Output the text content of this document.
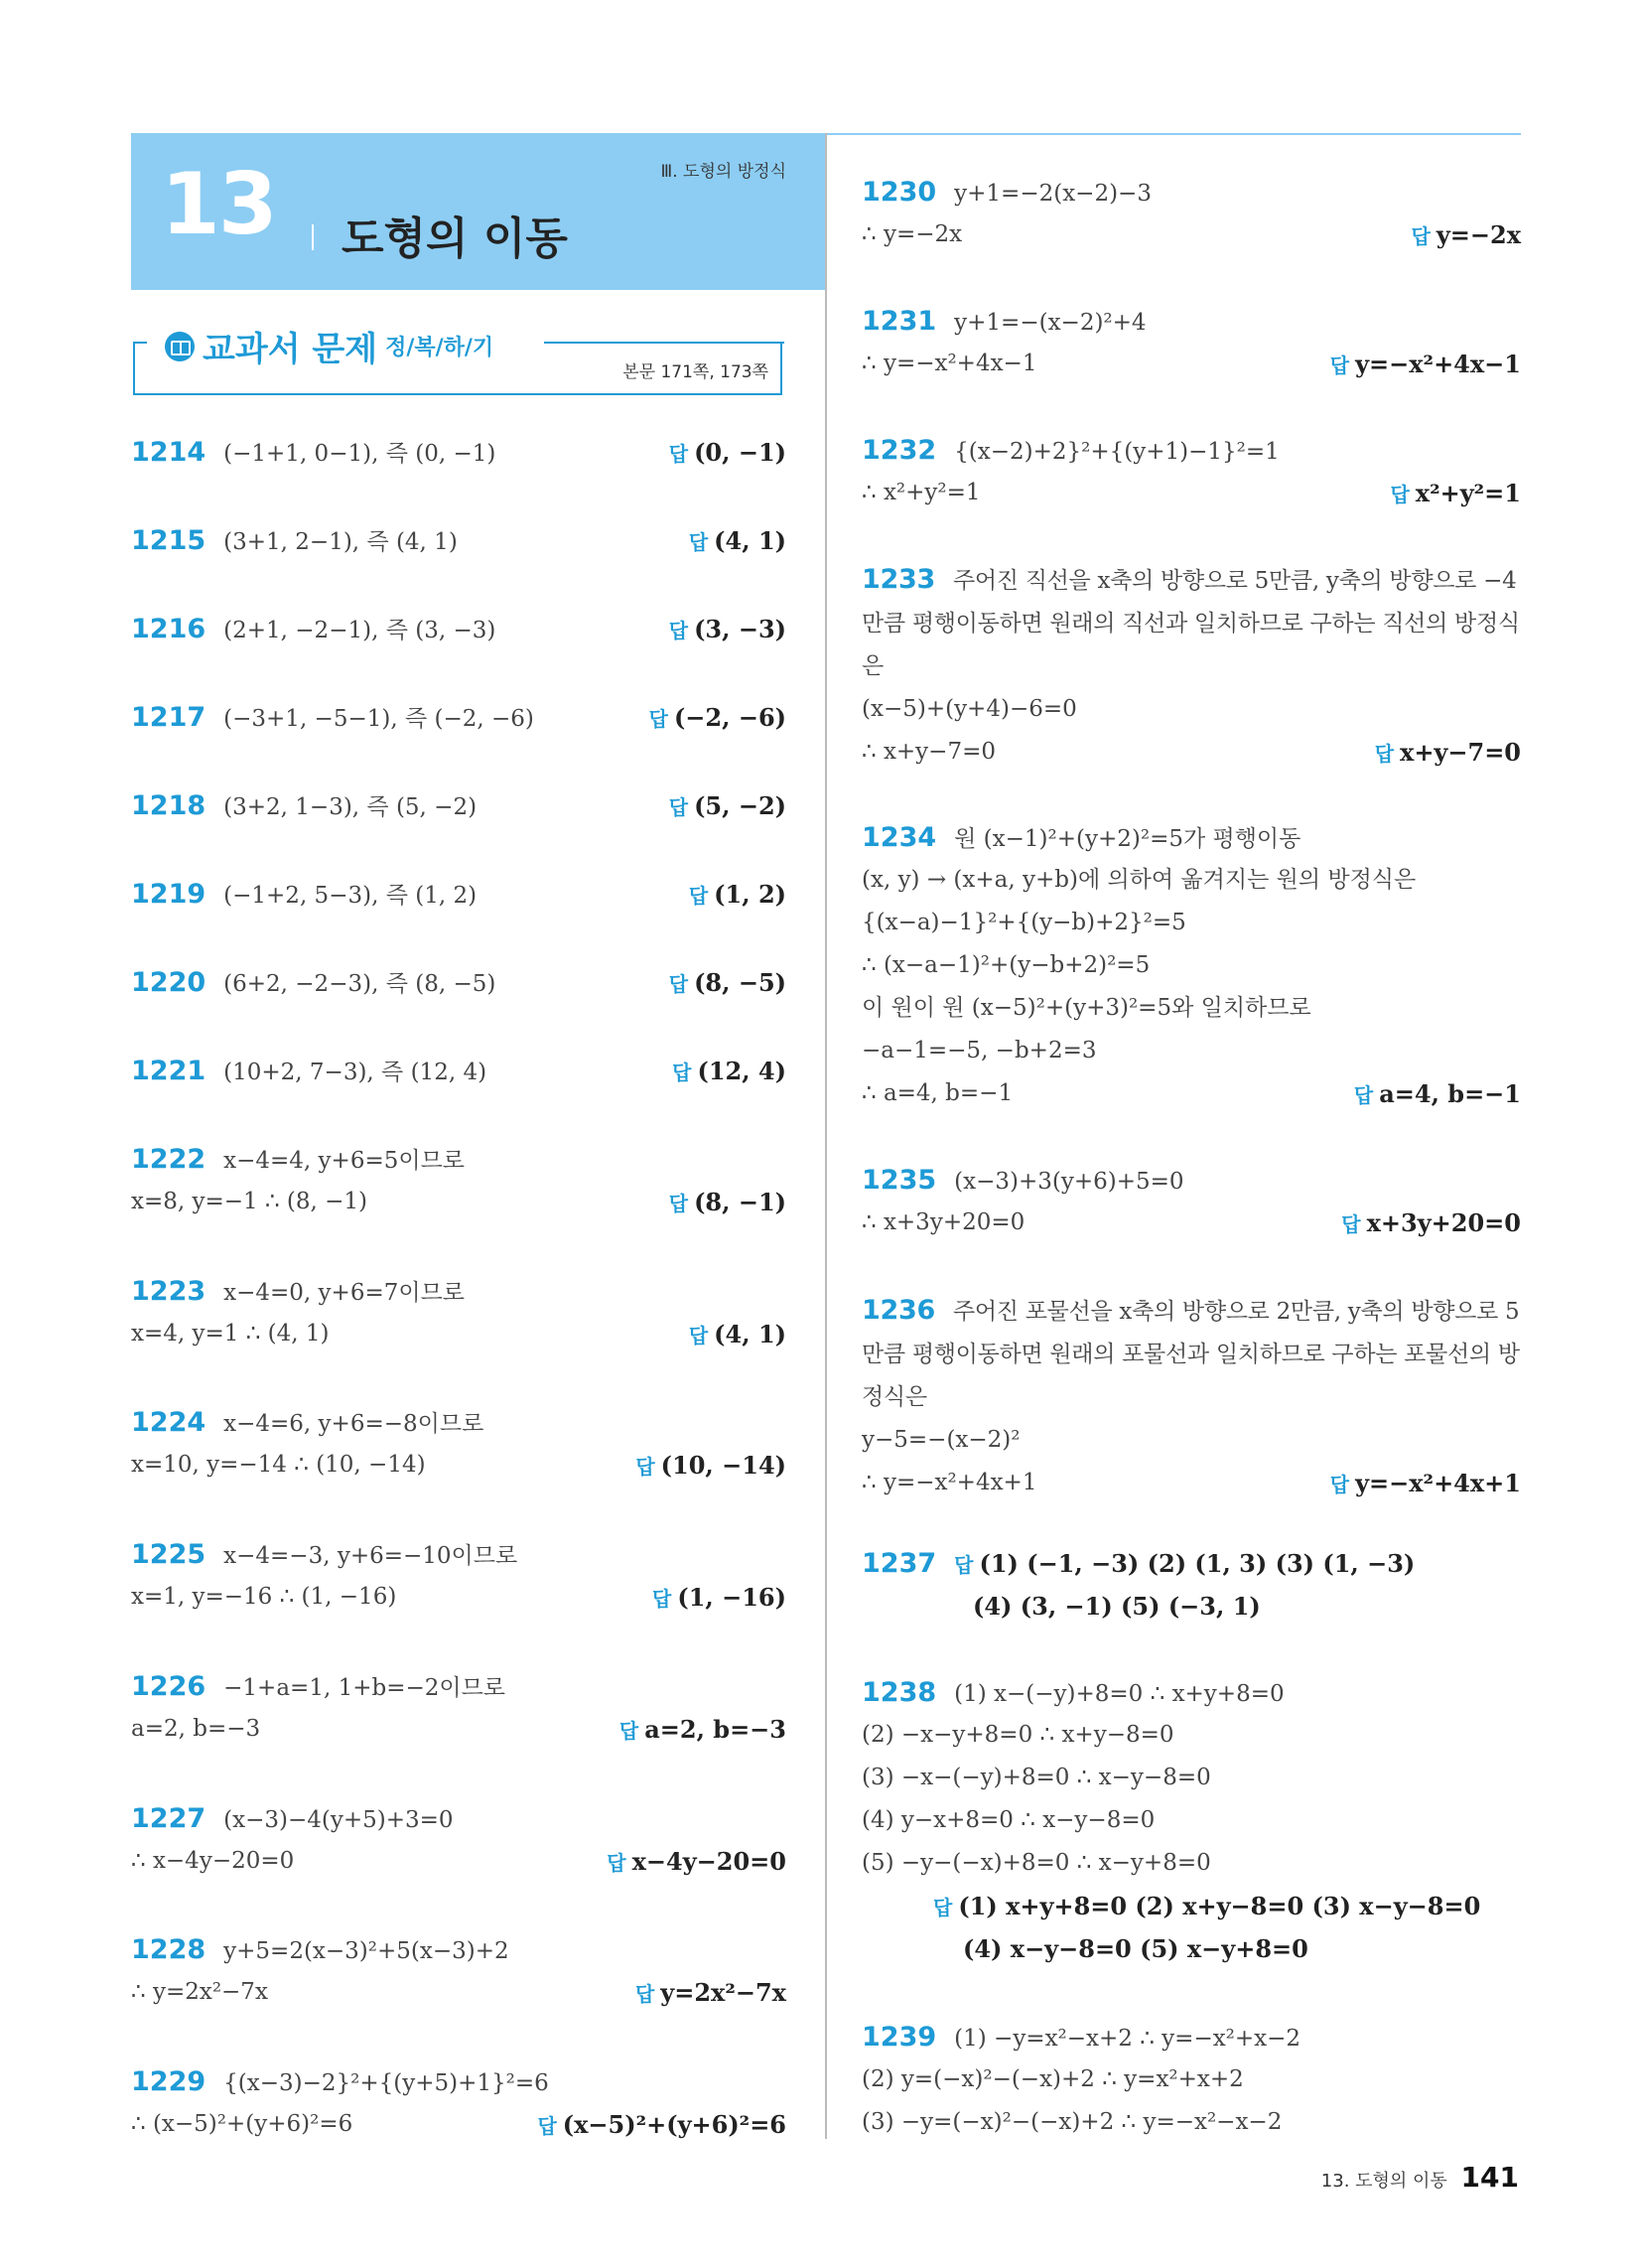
13 도형의 이동
Ⅲ. 도형의 방정식
교과서 문제 정/복/하/기
본문 171쪽, 173쪽
1214 (−1+1, 0−1), 즉 (0, −1)	답 (0, −1)
1215 (3+1, 2−1), 즉 (4, 1)	답 (4, 1)
1216 (2+1, −2−1), 즉 (3, −3)	답 (3, −3)
1217 (−3+1, −5−1), 즉 (−2, −6)	답 (−2, −6)
1218 (3+2, 1−3), 즉 (5, −2)	답 (5, −2)
1219 (−1+2, 5−3), 즉 (1, 2)	답 (1, 2)
1220 (6+2, −2−3), 즉 (8, −5)	답 (8, −5)
1221 (10+2, 7−3), 즉 (12, 4)	답 (12, 4)
1222 x−4=4, y+6=5이므로
x=8, y=−1 ∴ (8, −1)	답 (8, −1)
1223 x−4=0, y+6=7이므로
x=4, y=1 ∴ (4, 1)	답 (4, 1)
1224 x−4=6, y+6=−8이므로
x=10, y=−14 ∴ (10, −14)	답 (10, −14)
1225 x−4=−3, y+6=−10이므로
x=1, y=−16 ∴ (1, −16)	답 (1, −16)
1226 −1+a=1, 1+b=−2이므로
a=2, b=−3	답 a=2, b=−3
1227 (x−3)−4(y+5)+3=0
∴ x−4y−20=0	답 x−4y−20=0
1228 y+5=2(x−3)²+5(x−3)+2
∴ y=2x²−7x	답 y=2x²−7x
1229 {(x−3)−2}²+{(y+5)+1}²=6
∴ (x−5)²+(y+6)²=6	답 (x−5)²+(y+6)²=6
1230 y+1=−2(x−2)−3
∴ y=−2x	답 y=−2x
1231 y+1=−(x−2)²+4
∴ y=−x²+4x−1	답 y=−x²+4x−1
1232 {(x−2)+2}²+{(y+1)−1}²=1
∴ x²+y²=1	답 x²+y²=1
1233 주어진 직선을 x축의 방향으로 5만큼, y축의 방향으로 −4만큼 평행이동하면 원래의 직선과 일치하므로 구하는 직선의 방정식은
(x−5)+(y+4)−6=0
∴ x+y−7=0	답 x+y−7=0
1234 원 (x−1)²+(y+2)²=5가 평행이동
(x, y) → (x+a, y+b)에 의하여 옮겨지는 원의 방정식은
{(x−a)−1}²+{(y−b)+2}²=5
∴ (x−a−1)²+(y−b+2)²=5
이 원이 원 (x−5)²+(y+3)²=5와 일치하므로
−a−1=−5, −b+2=3
∴ a=4, b=−1	답 a=4, b=−1
1235 (x−3)+3(y+6)+5=0
∴ x+3y+20=0	답 x+3y+20=0
1236 주어진 포물선을 x축의 방향으로 2만큼, y축의 방향으로 5만큼 평행이동하면 원래의 포물선과 일치하므로 구하는 포물선의 방정식은
y−5=−(x−2)²
∴ y=−x²+4x+1	답 y=−x²+4x+1
1237 답 (1) (−1, −3) (2) (1, 3) (3) (1, −3)
(4) (3, −1) (5) (−3, 1)
1238 (1) x−(−y)+8=0 ∴ x+y+8=0
(2) −x−y+8=0 ∴ x+y−8=0
(3) −x−(−y)+8=0 ∴ x−y−8=0
(4) y−x+8=0 ∴ x−y−8=0
(5) −y−(−x)+8=0 ∴ x−y+8=0
답 (1) x+y+8=0 (2) x+y−8=0 (3) x−y−8=0
(4) x−y−8=0 (5) x−y+8=0
1239 (1) −y=x²−x+2 ∴ y=−x²+x−2
(2) y=(−x)²−(−x)+2 ∴ y=x²+x+2
(3) −y=(−x)²−(−x)+2 ∴ y=−x²−x−2
13. 도형의 이동 141
